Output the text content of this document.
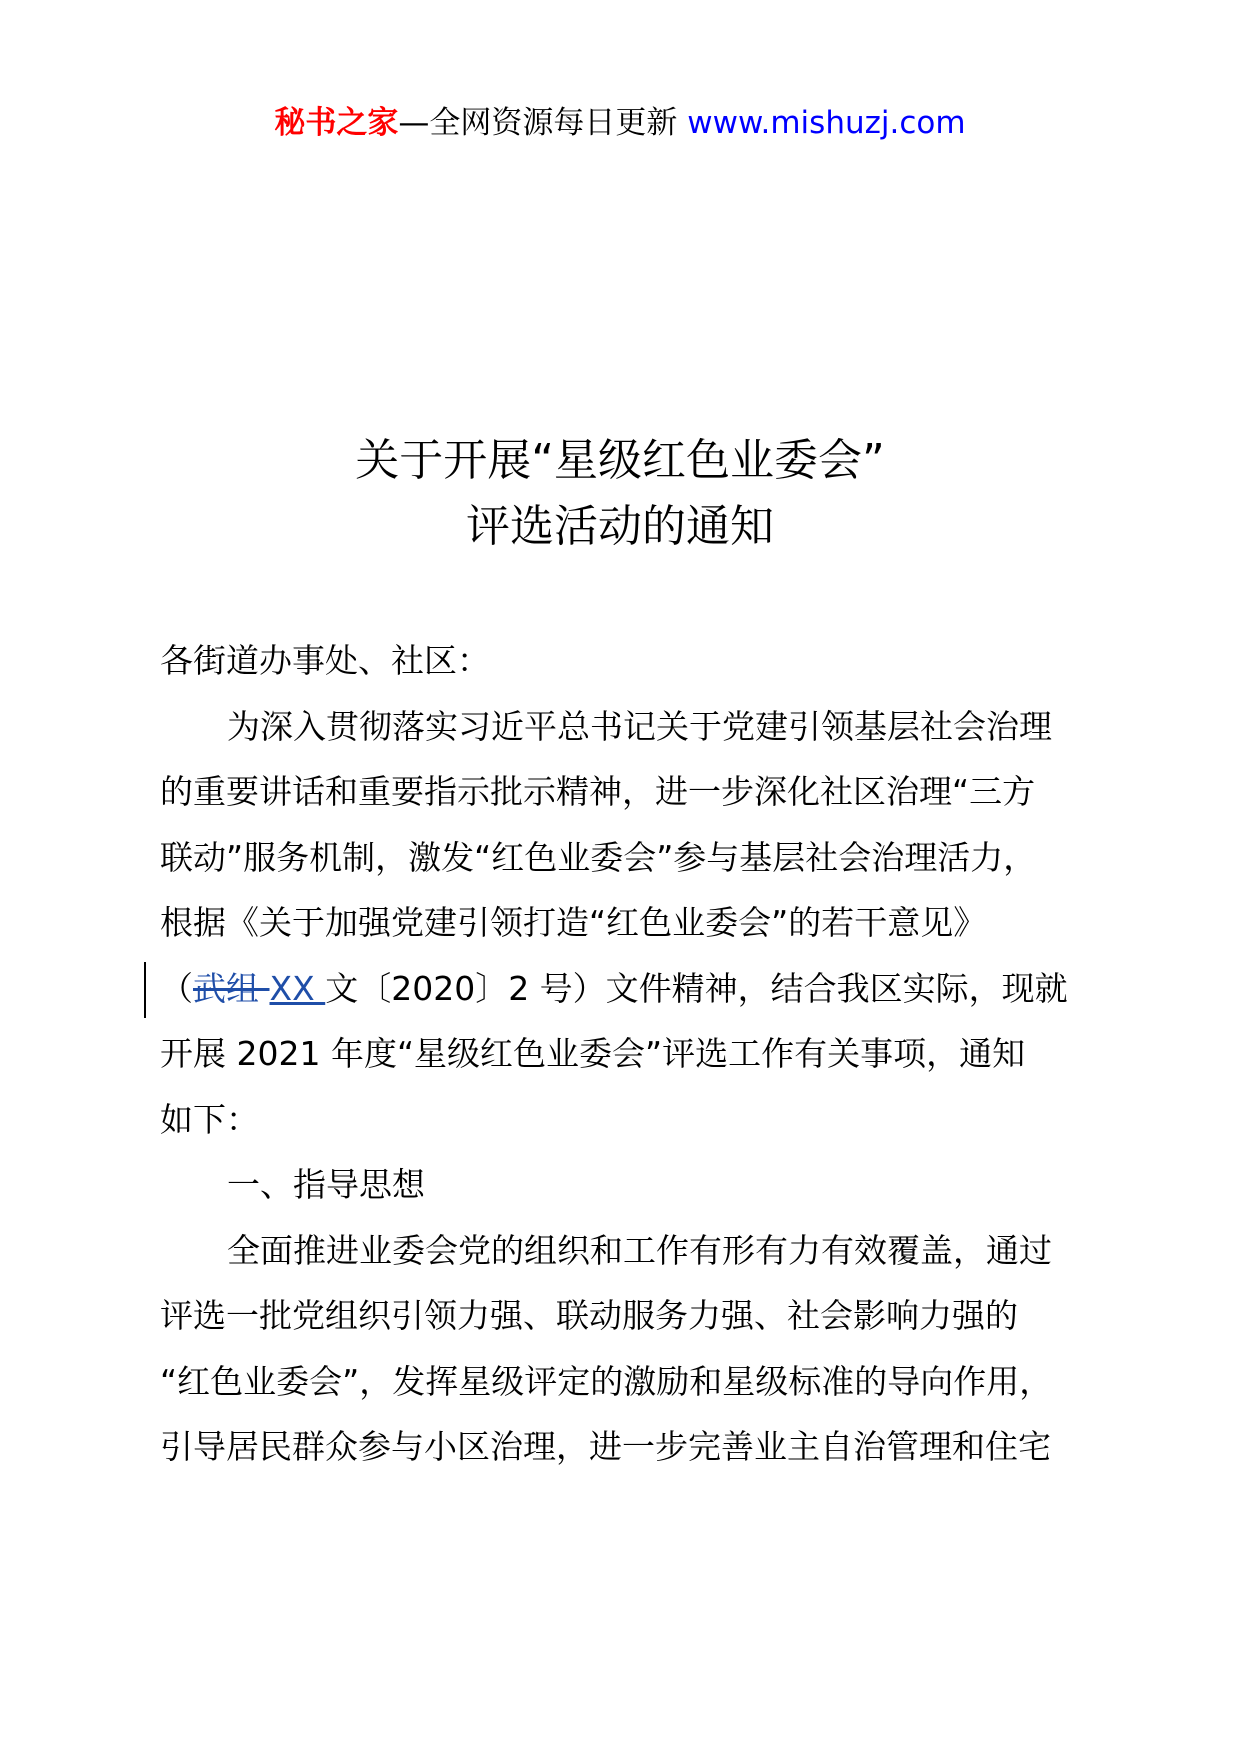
秘书之家—全网资源每日更新 www.mishuzj.com
关于开展“星级红色业委会”
评选活动的通知
各街道办事处、社区：
为深入贯彻落实习近平总书记关于党建引领基层社会治理
的重要讲话和重要指示批示精神，进一步深化社区治理“三方
联动”服务机制，激发“红色业委会”参与基层社会治理活力，
根据《关于加强党建引领打造“红色业委会”的若干意见》
（武组 XX 文〔2020〕2 号）文件精神，结合我区实际，现就
开展 2021 年度“星级红色业委会”评选工作有关事项，通知
如下：
一、指导思想
全面推进业委会党的组织和工作有形有力有效覆盖，通过
评选一批党组织引领力强、联动服务力强、社会影响力强的
“红色业委会”，发挥星级评定的激励和星级标准的导向作用，
引导居民群众参与小区治理，进一步完善业主自治管理和住宅
